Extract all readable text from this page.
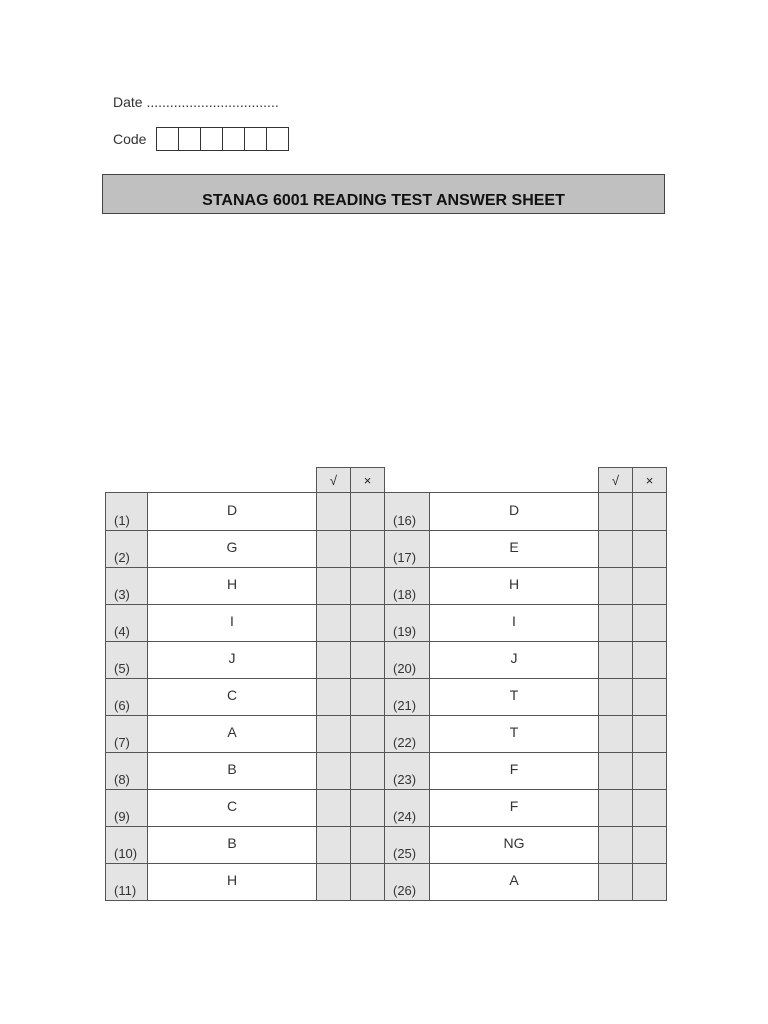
Date ..................................
Code
STANAG 6001 READING TEST ANSWER SHEET
		√	×			√	×
(1)	D			(16)	D		
(2)	G			(17)	E		
(3)	H			(18)	H		
(4)	I			(19)	I		
(5)	J			(20)	J		
(6)	C			(21)	T		
(7)	A			(22)	T		
(8)	B			(23)	F		
(9)	C			(24)	F		
(10)	B			(25)	NG		
(11)	H			(26)	A		
